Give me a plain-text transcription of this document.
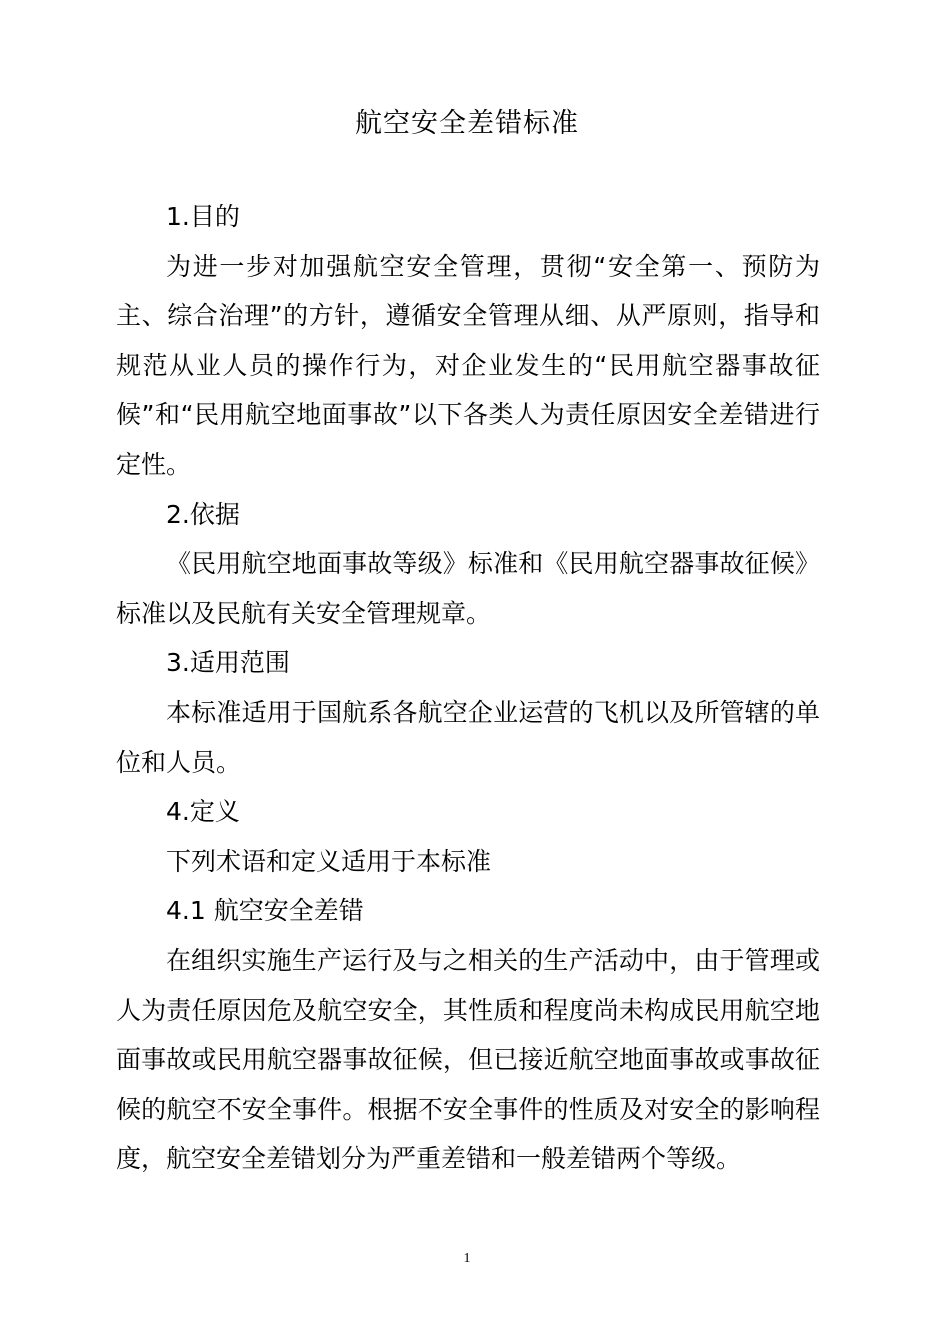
航空安全差错标准

1.目的

为进一步对加强航空安全管理，贯彻“安全第一、预防为主、综合治理”的方针，遵循安全管理从细、从严原则，指导和规范从业人员的操作行为，对企业发生的“民用航空器事故征候”和“民用航空地面事故”以下各类人为责任原因安全差错进行定性。

2.依据

《民用航空地面事故等级》标准和《民用航空器事故征候》标准以及民航有关安全管理规章。

3.适用范围

本标准适用于国航系各航空企业运营的飞机以及所管辖的单位和人员。

4.定义

下列术语和定义适用于本标准

4.1 航空安全差错

在组织实施生产运行及与之相关的生产活动中，由于管理或人为责任原因危及航空安全，其性质和程度尚未构成民用航空地面事故或民用航空器事故征候，但已接近航空地面事故或事故征候的航空不安全事件。根据不安全事件的性质及对安全的影响程度，航空安全差错划分为严重差错和一般差错两个等级。

1
